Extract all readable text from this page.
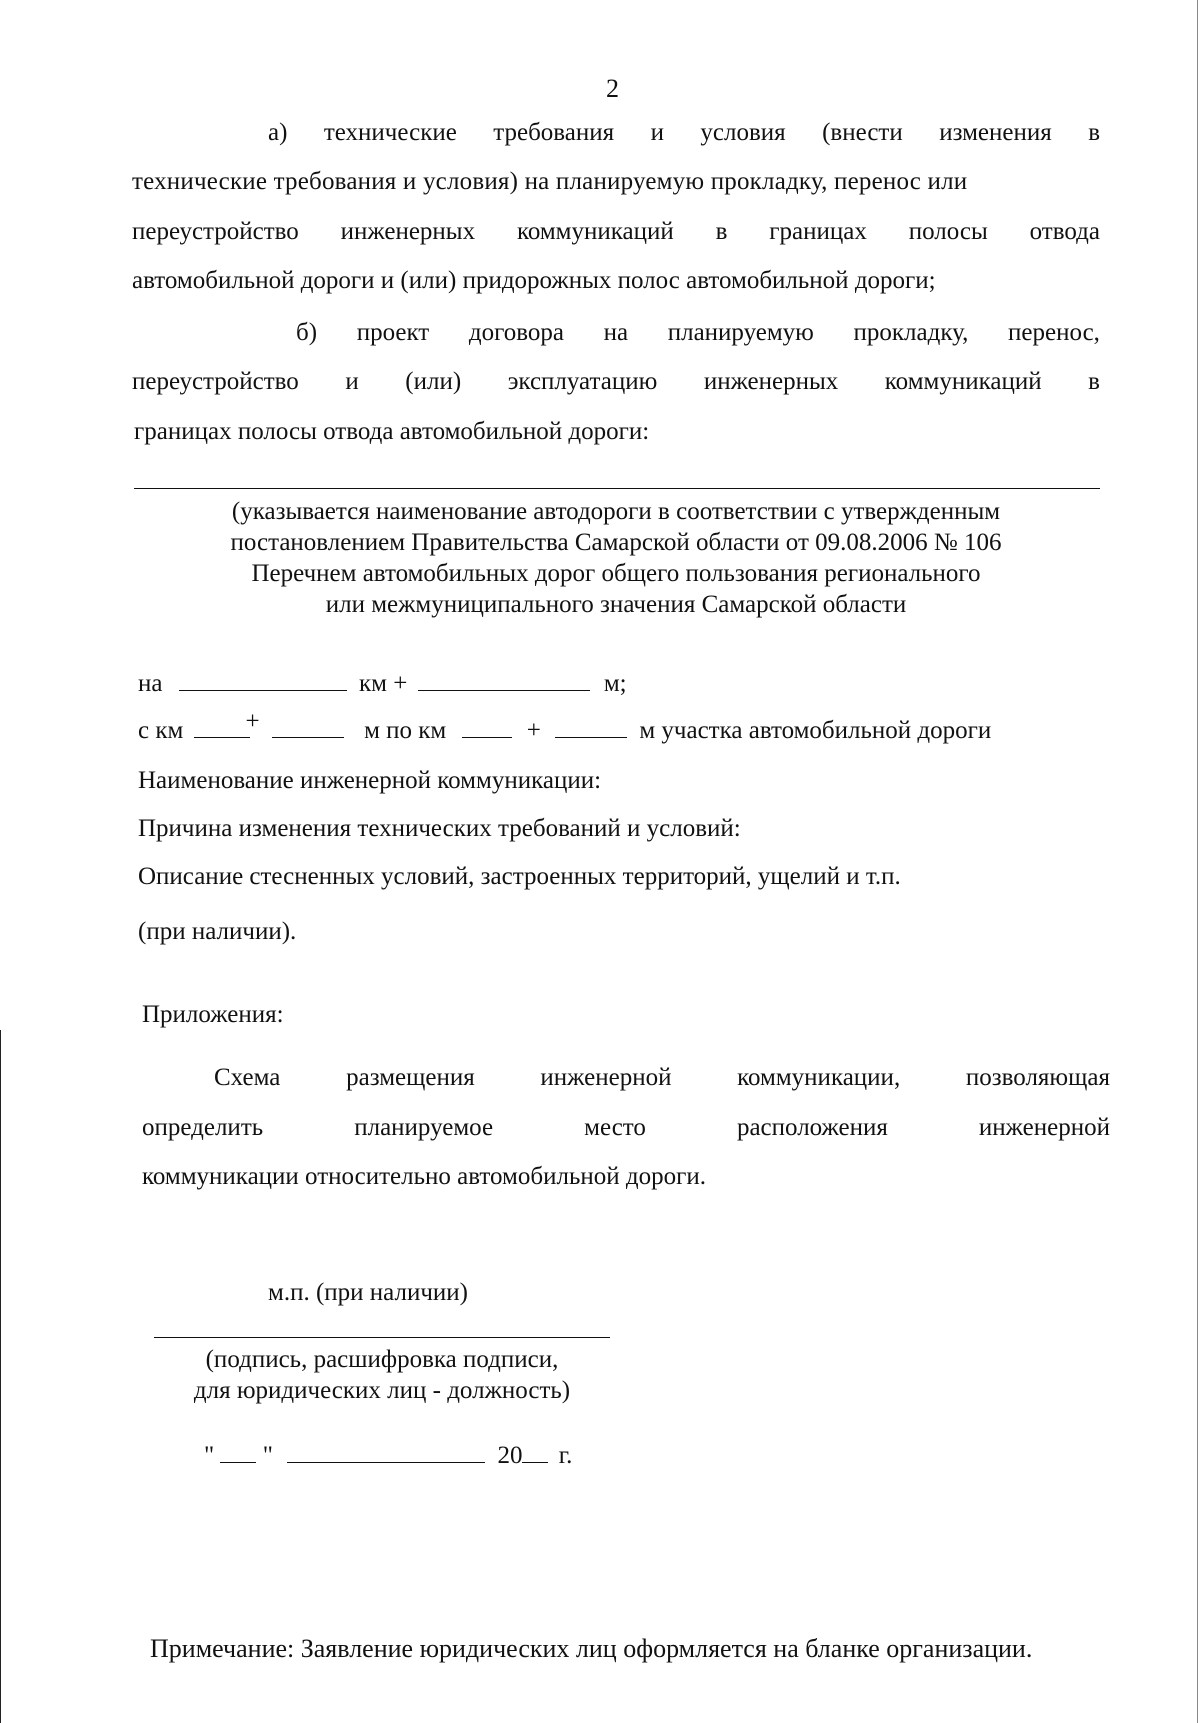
2
а) технические требования и условия (внести изменения в
технические требования и условия) на планируемую прокладку, перенос или
переустройство инженерных коммуникаций в границах полосы отвода
автомобильной дороги и (или) придорожных полос автомобильной дороги;
б) проект договора на планируемую прокладку, перенос,
переустройство и (или) эксплуатацию инженерных коммуникаций в
границах полосы отвода автомобильной дороги:
(указывается наименование автодороги в соответствии с утвержденным
постановлением Правительства Самарской области от 09.08.2006 № 106
Перечнем автомобильных дорог общего пользования регионального
или межмуниципального значения Самарской области
на	км +	м;
с км +	м по км	+	м участка автомобильной дороги
Наименование инженерной коммуникации:
Причина изменения технических требований и условий:
Описание стесненных условий, застроенных территорий, ущелий и т.п.
(при наличии).
Приложения:
Схема	размещения	инженерной	коммуникации,	позволяющая
определить	планируемое	место	расположения	инженерной
коммуникации относительно автомобильной дороги.
м.п. (при наличии)
(подпись, расшифровка подписи,
для юридических лиц - должность)
" "	20 г.
Примечание: Заявление юридических лиц оформляется на бланке организации.
